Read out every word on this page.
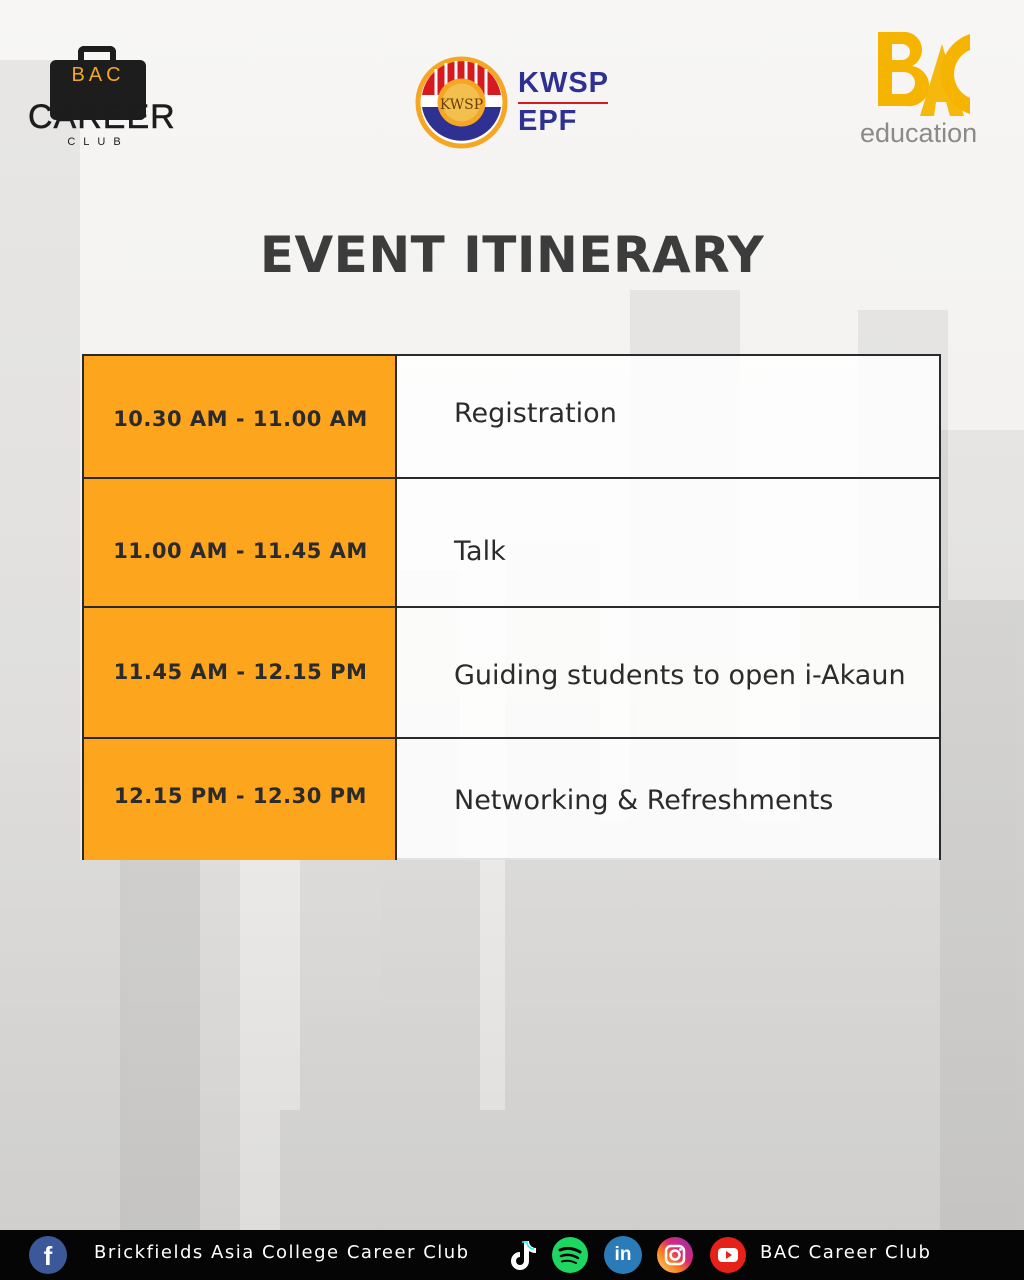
BAC
CAREER
CLUB
KWSP
KWSP
EPF	education
EVENT ITINERARY
10.30 AM - 11.00 AM	Registration
11.00 AM - 11.45 AM	Talk
11.45 AM - 12.15 PM	Guiding students to open i-Akaun
12.15 PM - 12.30 PM	Networking & Refreshments
f	Brickfields Asia College Career Club	in	BAC Career Club
